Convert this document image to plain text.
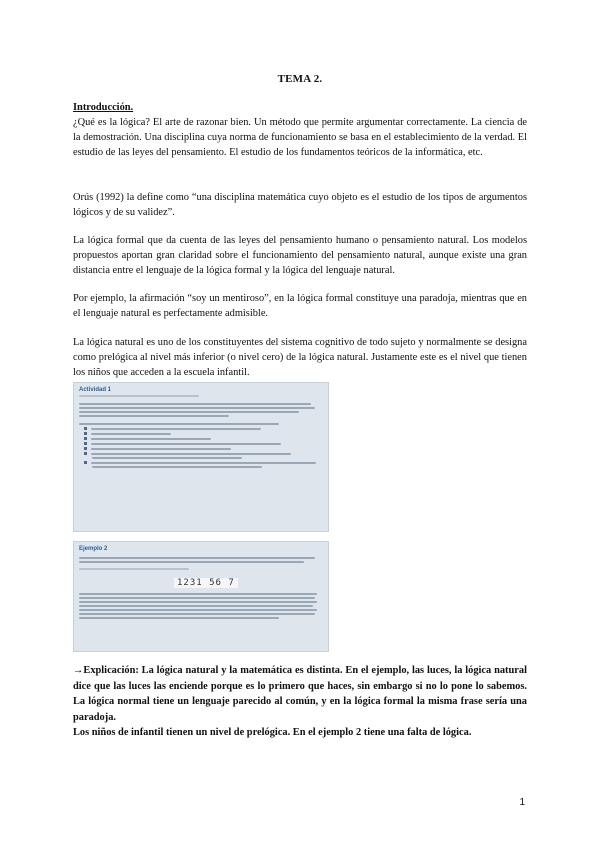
TEMA 2.
Introducción.
¿Qué es la lógica? El arte de razonar bien. Un método que permite argumentar correctamente. La ciencia de la demostración. Una disciplina cuya norma de funcionamiento se basa en el establecimiento de la verdad. El estudio de las leyes del pensamiento. El estudio de los fundamentos teóricos de la informática, etc.
Orús (1992) la define como “una disciplina matemática cuyo objeto es el estudio de los tipos de argumentos lógicos y de su validez”.
La lógica formal que da cuenta de las leyes del pensamiento humano o pensamiento natural. Los modelos propuestos aportan gran claridad sobre el funcionamiento del pensamiento natural, aunque existe una gran distancia entre el lenguaje de la lógica formal y la lógica del lenguaje natural.
Por ejemplo, la afirmación “soy un mentiroso”, en la lógica formal constituye una paradoja, mientras que en el lenguaje natural es perfectamente admisible.
La lógica natural es uno de los constituyentes del sistema cognitivo de todo sujeto y normalmente se designa como prelógica al nivel más inferior (o nivel cero) de la lógica natural. Justamente este es el nivel que tienen los niños que acceden a la escuela infantil.
Actividad 1
Ejemplo 2
1231 56 7
→Explicación: La lógica natural y la matemática es distinta. En el ejemplo, las luces, la lógica natural dice que las luces las enciende porque es lo primero que haces, sin embargo si no lo pone lo sabemos. La lógica normal tiene un lenguaje parecido al común, y en la lógica formal la misma frase sería una paradoja.
Los niños de infantil tienen un nivel de prelógica. En el ejemplo 2 tiene una falta de lógica.
1
